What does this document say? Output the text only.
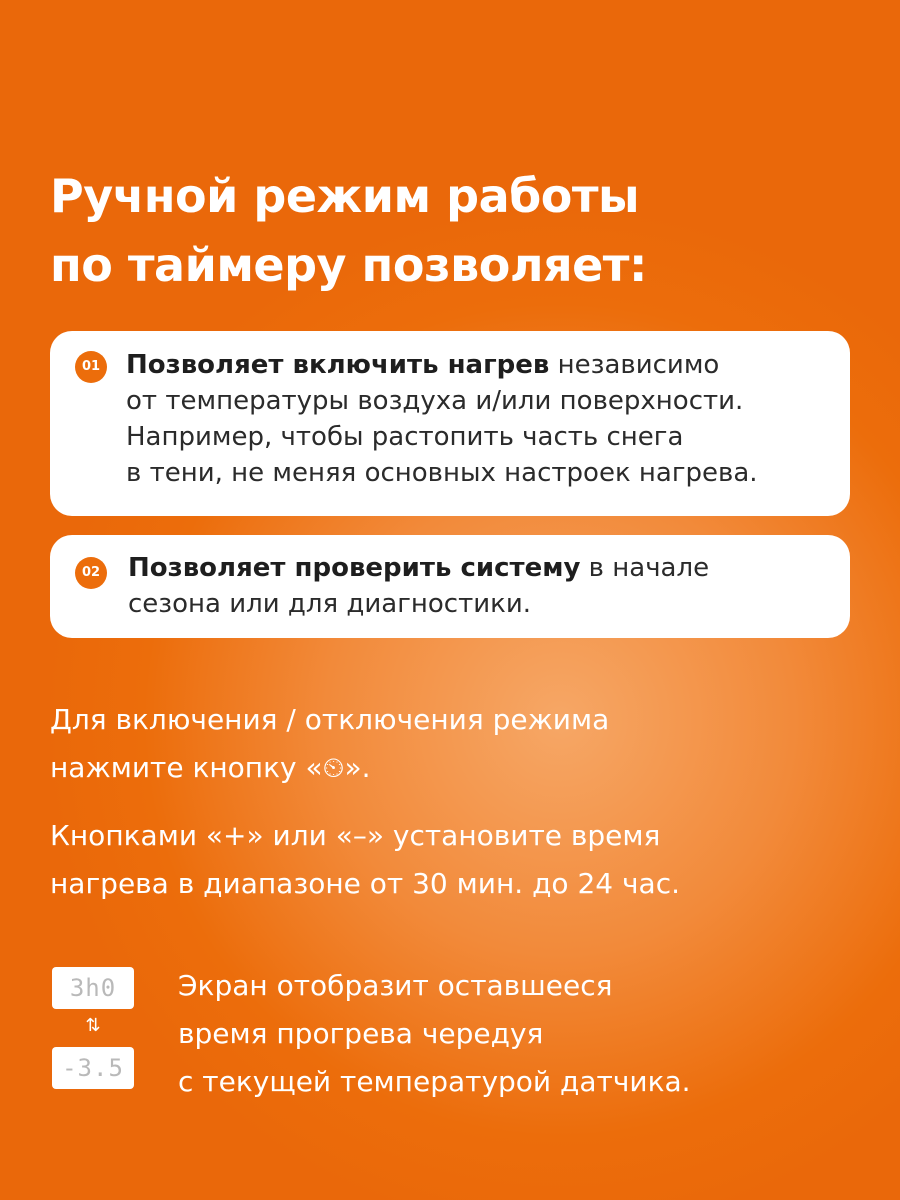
Ручной режим работы
по таймеру позволяет:
01 Позволяет включить нагрев независимо
от температуры воздуха и/или поверхности.
Например, чтобы растопить часть снега
в тени, не меняя основных настроек нагрева.
02 Позволяет проверить систему в начале
сезона или для диагностики.
Для включения / отключения режима
нажмите кнопку «⏲︎».
Кнопками «+» или «–» установите время
нагрева в диапазоне от 30 мин. до 24 час.
3h0
⇅
-3.5
Экран отобразит оставшееся
время прогрева чередуя
с текущей температурой датчика.
